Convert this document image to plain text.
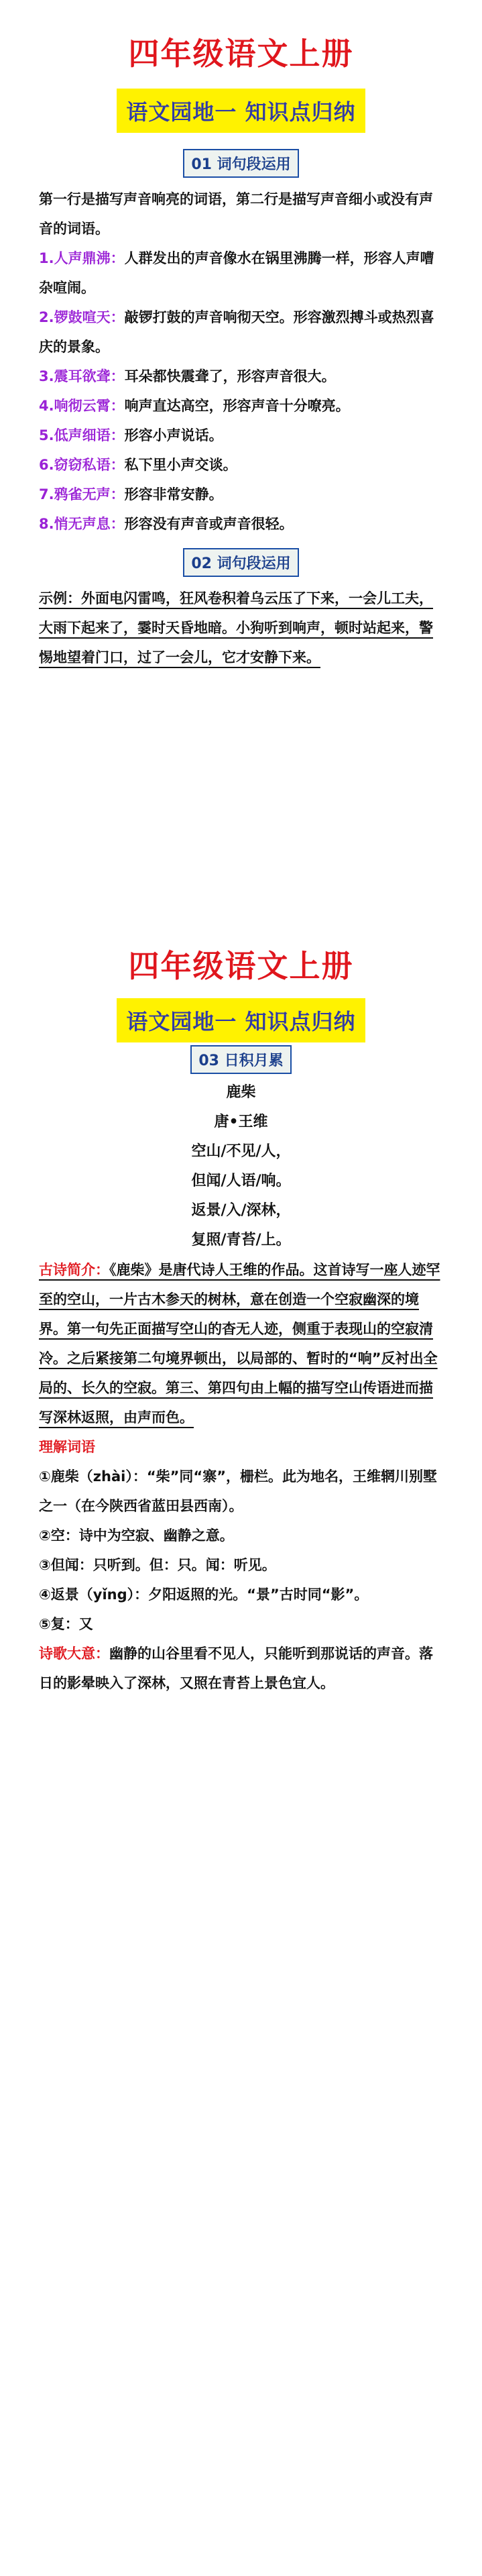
四年级语文上册
语文园地一 知识点归纳
01 词句段运用

第一行是描写声音响亮的词语，第二行是描写声音细小或没有声音的词语。

1.人声鼎沸：人群发出的声音像水在锅里沸腾一样，形容人声嘈杂喧闹。

2.锣鼓喧天：敲锣打鼓的声音响彻天空。形容激烈搏斗或热烈喜庆的景象。

3.震耳欲聋：耳朵都快震聋了，形容声音很大。

4.响彻云霄：响声直达高空，形容声音十分嘹亮。

5.低声细语：形容小声说话。

6.窃窃私语：私下里小声交谈。

7.鸦雀无声：形容非常安静。

8.悄无声息：形容没有声音或声音很轻。

02 词句段运用

示例：外面电闪雷鸣，狂风卷积着乌云压了下来，一会儿工夫，大雨下起来了，霎时天昏地暗。小狗听到响声，顿时站起来，警惕地望着门口，过了一会儿，它才安静下来。

四年级语文上册
语文园地一 知识点归纳
03 日积月累
鹿柴
唐•王维
空山/不见/人，
但闻/人语/响。
返景/入/深林，
复照/青苔/上。

古诗简介：《鹿柴》是唐代诗人王维的作品。这首诗写一座人迹罕至的空山，一片古木参天的树林，意在创造一个空寂幽深的境界。第一句先正面描写空山的杳无人迹，侧重于表现山的空寂清冷。之后紧接第二句境界顿出，以局部的、暂时的“响”反衬出全局的、长久的空寂。第三、第四句由上幅的描写空山传语进而描写深林返照，由声而色。

理解词语

①鹿柴（zhài）：“柴”同“寨”，栅栏。此为地名，王维辋川别墅之一（在今陕西省蓝田县西南）。

②空：诗中为空寂、幽静之意。

③但闻：只听到。但：只。闻：听见。

④返景（yǐng）：夕阳返照的光。“景”古时同“影”。

⑤复：又

诗歌大意：幽静的山谷里看不见人，只能听到那说话的声音。落日的影晕映入了深林，又照在青苔上景色宜人。
